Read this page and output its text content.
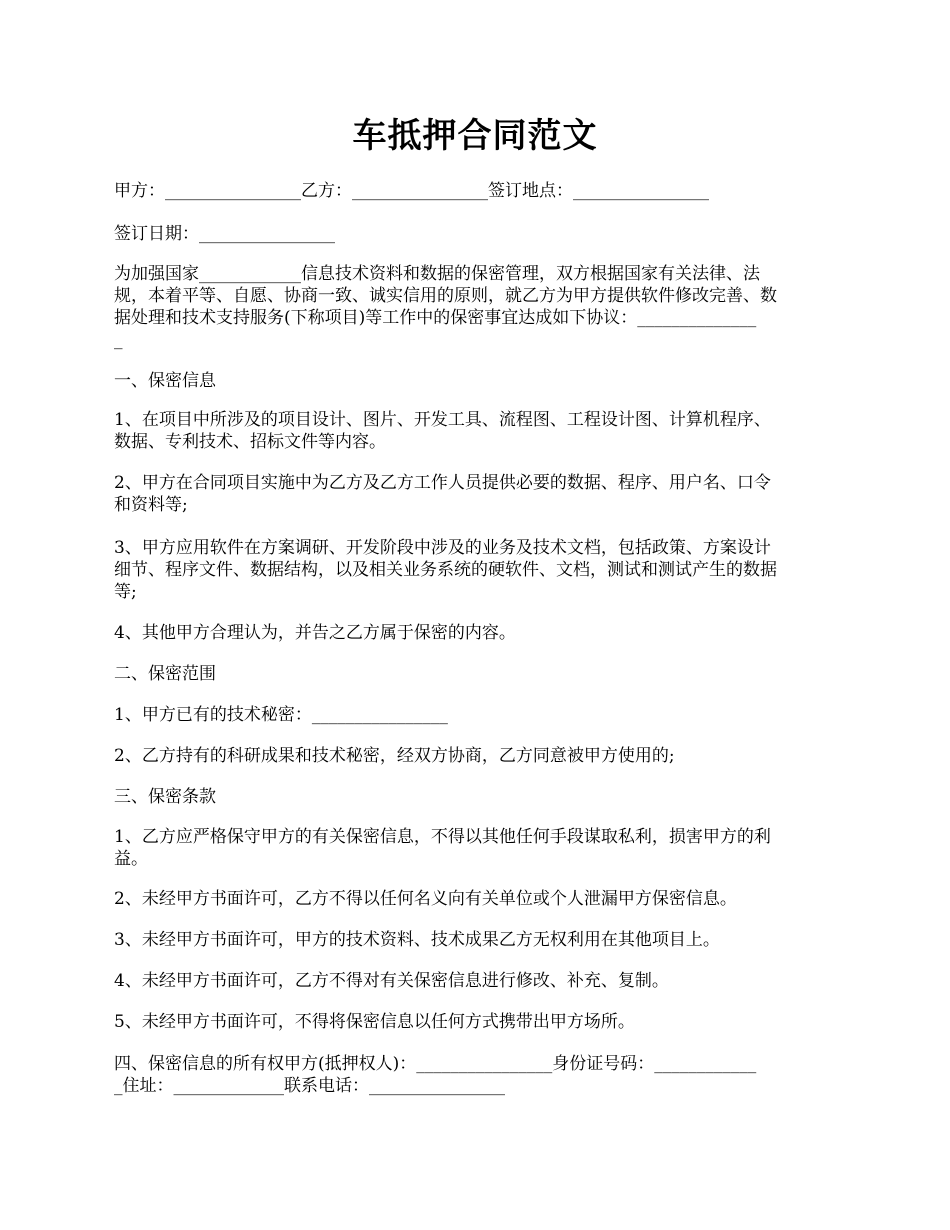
车抵押合同范文

甲方：________________乙方：________________签订地点：________________

签订日期：________________

为加强国家____________信息技术资料和数据的保密管理，双方根据国家有关法律、法
规，本着平等、自愿、协商一致、诚实信用的原则，就乙方为甲方提供软件修改完善、数
据处理和技术支持服务(下称项目)等工作中的保密事宜达成如下协议：______________
_

一、保密信息

1、在项目中所涉及的项目设计、图片、开发工具、流程图、工程设计图、计算机程序、
数据、专利技术、招标文件等内容。

2、甲方在合同项目实施中为乙方及乙方工作人员提供必要的数据、程序、用户名、口令
和资料等;

3、甲方应用软件在方案调研、开发阶段中涉及的业务及技术文档，包括政策、方案设计
细节、程序文件、数据结构，以及相关业务系统的硬软件、文档，测试和测试产生的数据
等;

4、其他甲方合理认为，并告之乙方属于保密的内容。

二、保密范围

1、甲方已有的技术秘密：________________

2、乙方持有的科研成果和技术秘密，经双方协商，乙方同意被甲方使用的;

三、保密条款

1、乙方应严格保守甲方的有关保密信息，不得以其他任何手段谋取私利，损害甲方的利
益。

2、未经甲方书面许可，乙方不得以任何名义向有关单位或个人泄漏甲方保密信息。

3、未经甲方书面许可，甲方的技术资料、技术成果乙方无权利用在其他项目上。

4、未经甲方书面许可，乙方不得对有关保密信息进行修改、补充、复制。

5、未经甲方书面许可，不得将保密信息以任何方式携带出甲方场所。

四、保密信息的所有权甲方(抵押权人)：________________身份证号码：____________
_住址：_____________联系电话：________________
